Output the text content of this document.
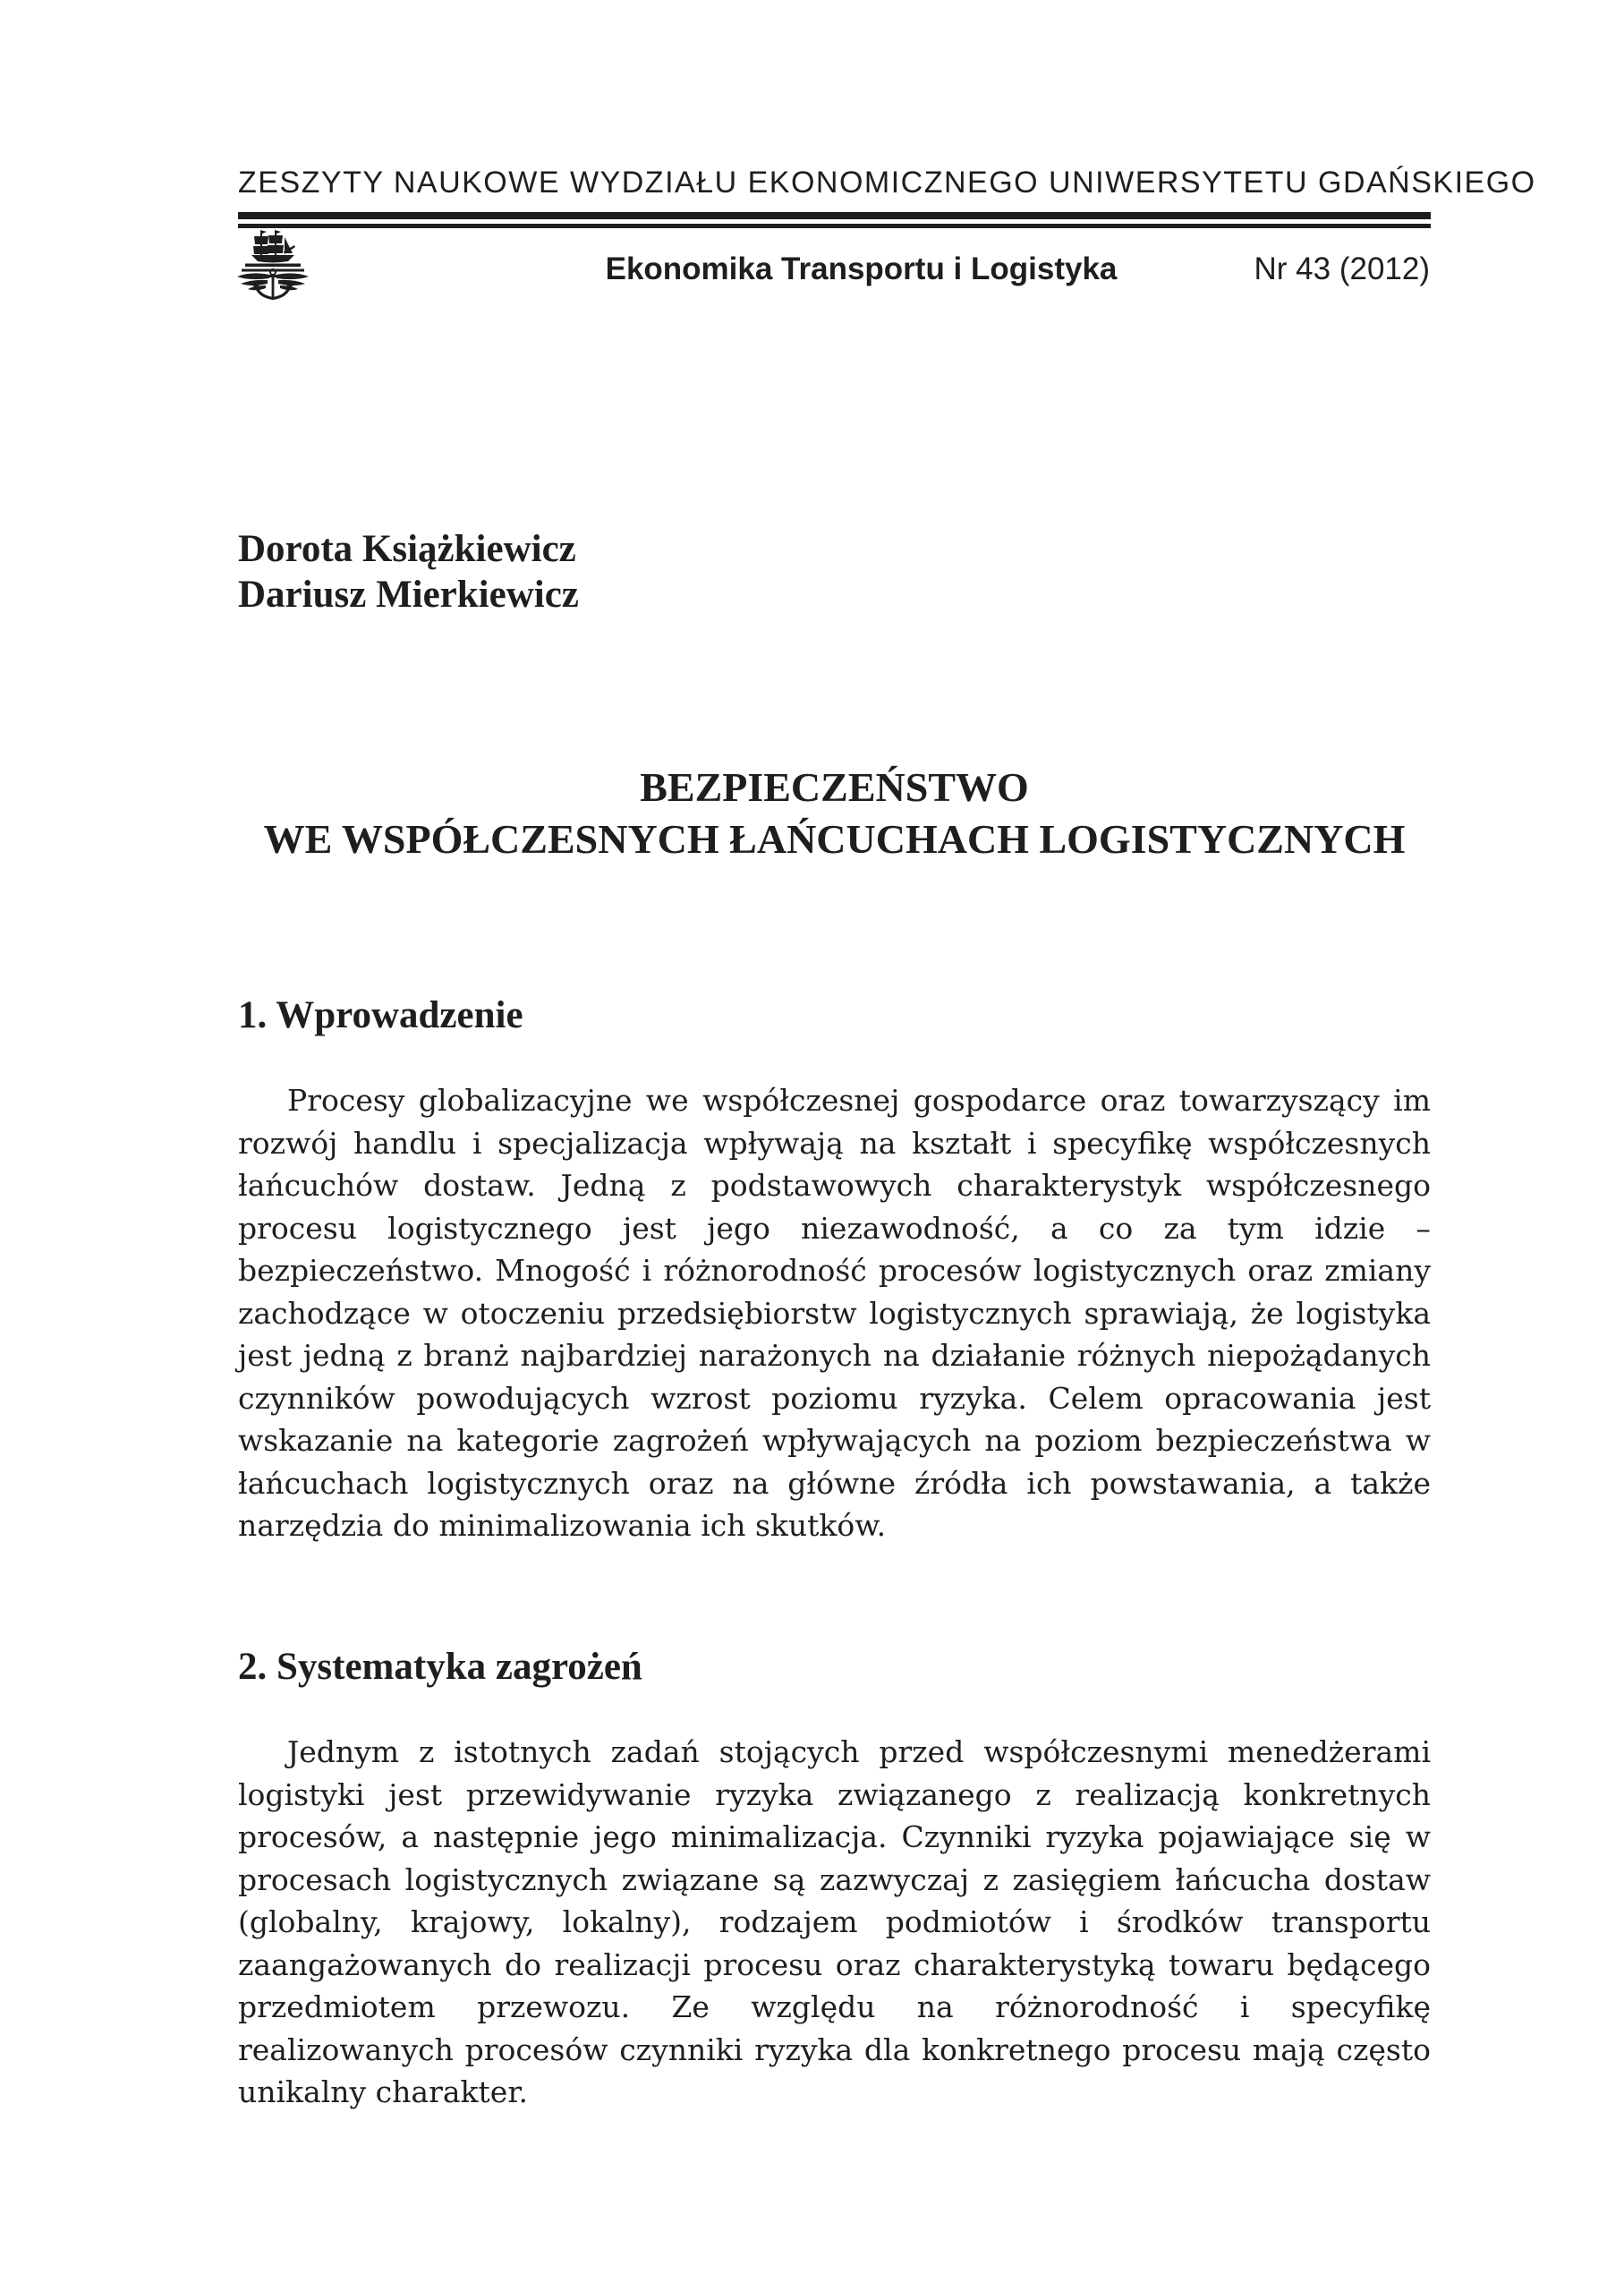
ZESZYTY NAUKOWE WYDZIAŁU EKONOMICZNEGO UNIWERSYTETU GDAŃSKIEGO
Ekonomika Transportu i Logistyka	Nr 43 (2012)
Dorota Książkiewicz
Dariusz Mierkiewicz
BEZPIECZEŃSTWO
WE WSPÓŁCZESNYCH ŁAŃCUCHACH LOGISTYCZNYCH
1. Wprowadzenie

Procesy globalizacyjne we współczesnej gospodarce oraz towarzyszący im rozwój handlu i specjalizacja wpływają na kształt i specyfikę współczesnych łańcuchów dostaw. Jedną z podstawowych charakterystyk współczesnego procesu logistycznego jest jego niezawodność, a co za tym idzie – bezpieczeństwo. Mnogość i różnorodność procesów logistycznych oraz zmiany zachodzące w otoczeniu przedsiębiorstw logistycznych sprawiają, że logistyka jest jedną z branż najbardziej narażonych na działanie różnych niepożądanych czynników powodujących wzrost poziomu ryzyka. Celem opracowania jest wskazanie na kategorie zagrożeń wpływających na poziom bezpieczeństwa w łańcuchach logistycznych oraz na główne źródła ich powstawania, a także narzędzia do minimalizowania ich skutków.

2. Systematyka zagrożeń

Jednym z istotnych zadań stojących przed współczesnymi menedżerami logistyki jest przewidywanie ryzyka związanego z realizacją konkretnych procesów, a następnie jego minimalizacja. Czynniki ryzyka pojawiające się w procesach logistycznych związane są zazwyczaj z zasięgiem łańcucha dostaw (globalny, krajowy, lokalny), rodzajem podmiotów i środków transportu zaangażowanych do realizacji procesu oraz charakterystyką towaru będącego przedmiotem przewozu. Ze względu na różnorodność i specyfikę realizowanych procesów czynniki ryzyka dla konkretnego procesu mają często unikalny charakter.
